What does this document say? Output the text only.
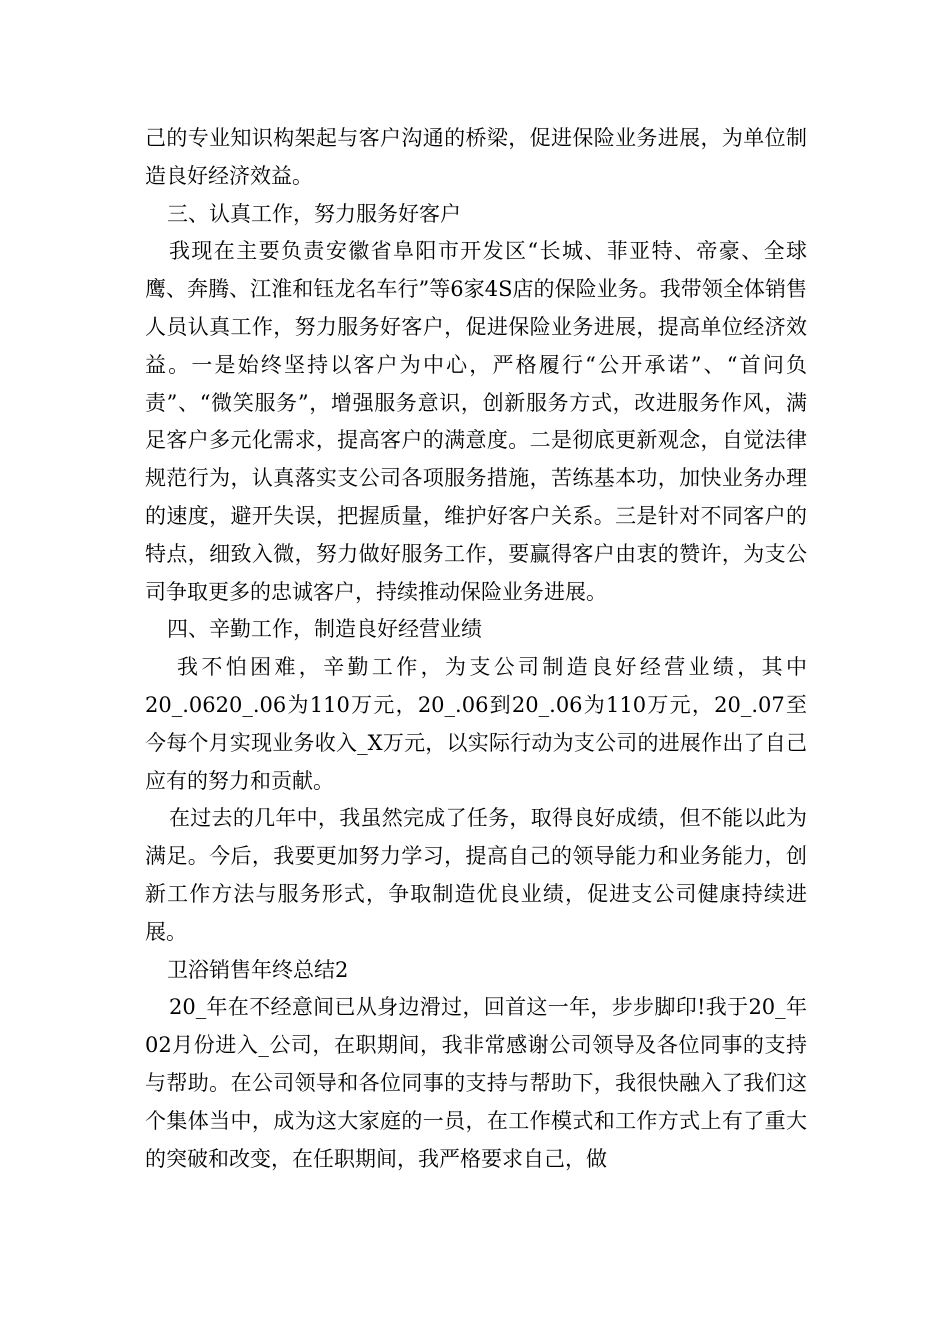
己的专业知识构架起与客户沟通的桥梁，促进保险业务进展，为单位制造良好经济效益。

三、认真工作，努力服务好客户

我现在主要负责安徽省阜阳市开发区“长城、菲亚特、帝豪、全球鹰、奔腾、江淮和钰龙名车行”等6家4S店的保险业务。我带领全体销售人员认真工作，努力服务好客户，促进保险业务进展，提高单位经济效益。一是始终坚持以客户为中心，严格履行“公开承诺”、“首问负责”、“微笑服务”，增强服务意识，创新服务方式，改进服务作风，满足客户多元化需求，提高客户的满意度。二是彻底更新观念，自觉法律规范行为，认真落实支公司各项服务措施，苦练基本功，加快业务办理的速度，避开失误，把握质量，维护好客户关系。三是针对不同客户的特点，细致入微，努力做好服务工作，要赢得客户由衷的赞许，为支公司争取更多的忠诚客户，持续推动保险业务进展。

四、辛勤工作，制造良好经营业绩

我不怕困难，辛勤工作，为支公司制造良好经营业绩，其中20_.0620_.06为110万元，20_.06到20_.06为110万元，20_.07至今每个月实现业务收入_X万元，以实际行动为支公司的进展作出了自己应有的努力和贡献。

在过去的几年中，我虽然完成了任务，取得良好成绩，但不能以此为满足。今后，我要更加努力学习，提高自己的领导能力和业务能力，创新工作方法与服务形式，争取制造优良业绩，促进支公司健康持续进展。

卫浴销售年终总结2

20_年在不经意间已从身边滑过，回首这一年，步步脚印!我于20_年02月份进入_公司，在职期间，我非常感谢公司领导及各位同事的支持与帮助。在公司领导和各位同事的支持与帮助下，我很快融入了我们这个集体当中，成为这大家庭的一员，在工作模式和工作方式上有了重大的突破和改变，在任职期间，我严格要求自己，做
